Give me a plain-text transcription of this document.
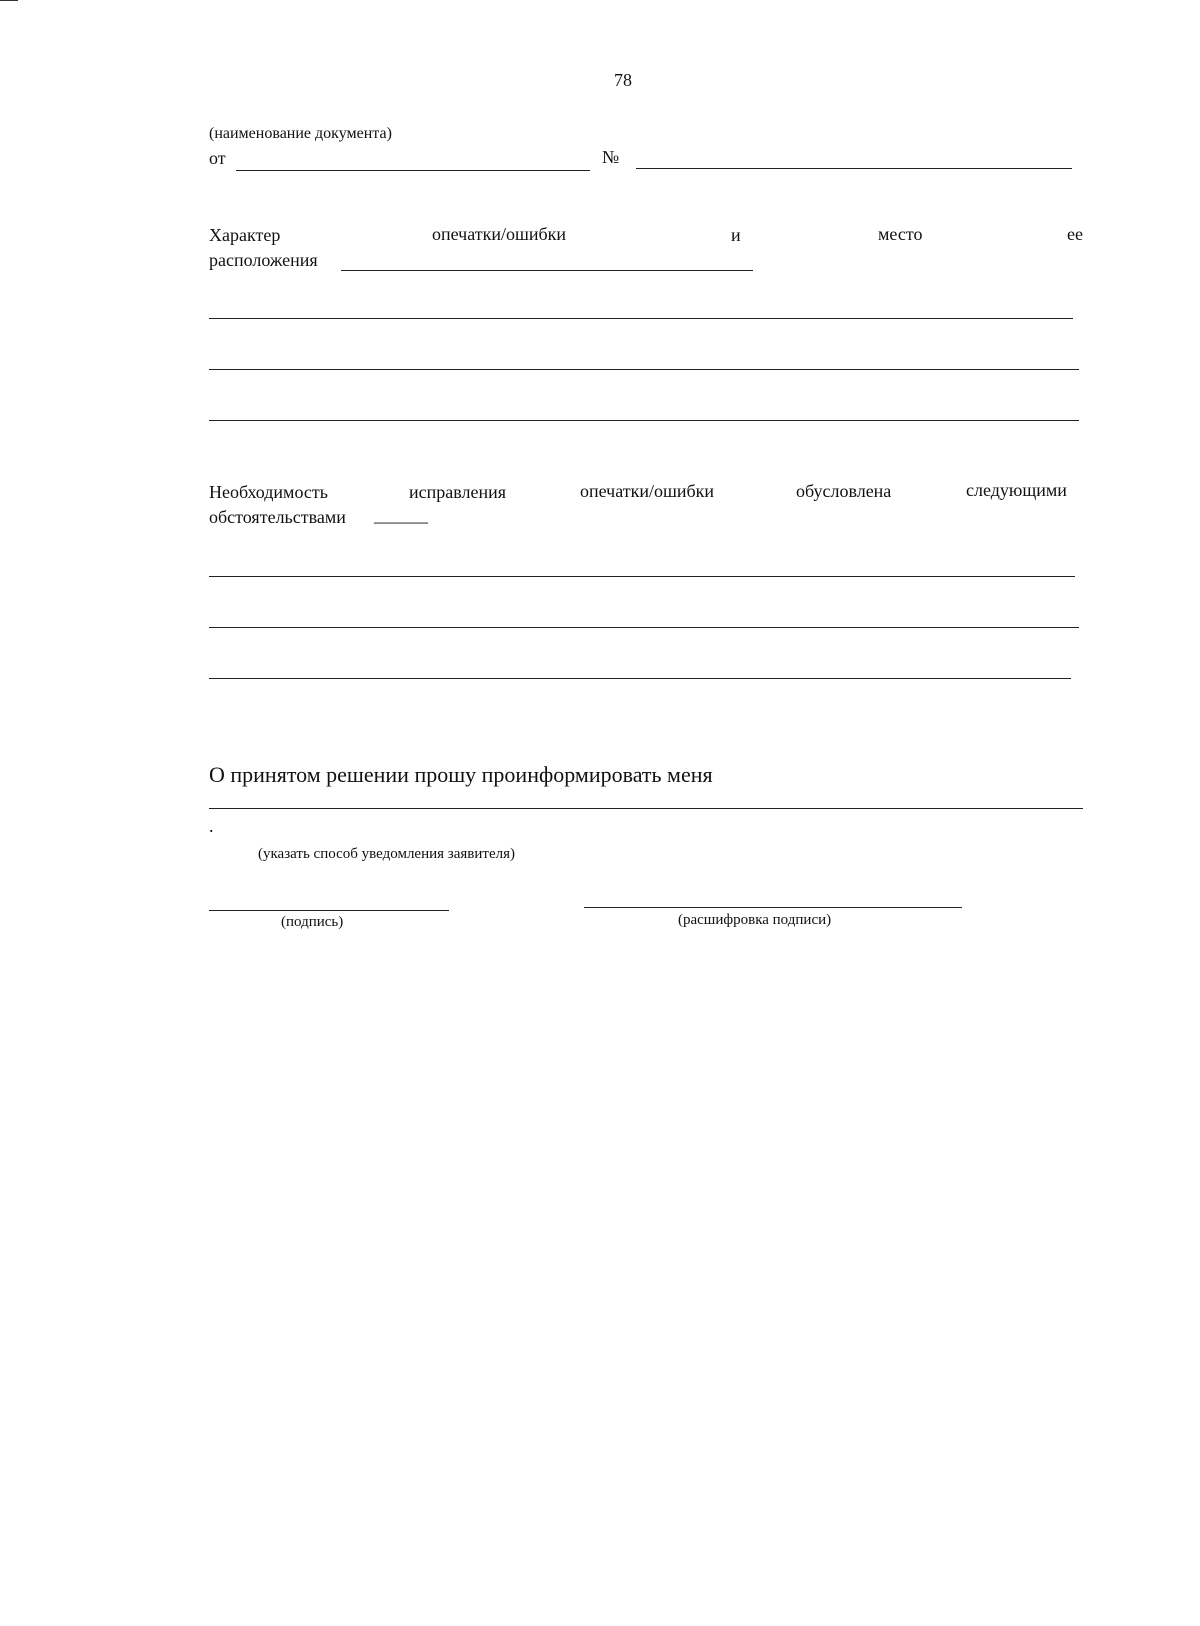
78
(наименование документа)
от	№
Характер	опечатки/ошибки	и	место	ее
расположения
Необходимость	исправления	опечатки/ошибки	обусловлена	следующими
обстоятельствами ______
О принятом решении прошу проинформировать меня
.
(указать способ уведомления заявителя)
(подпись)	(расшифровка подписи)
